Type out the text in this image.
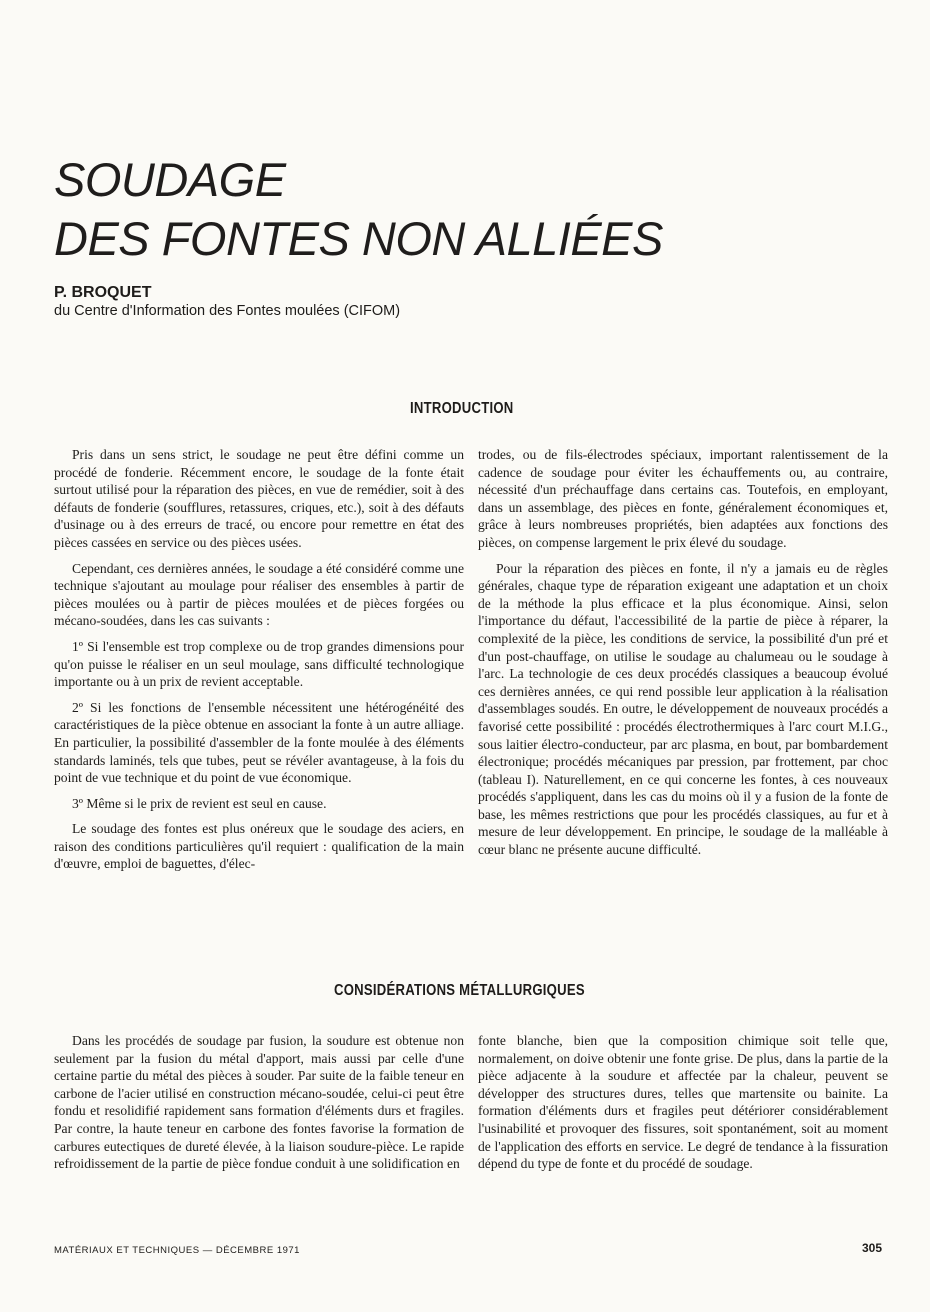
SOUDAGE
DES FONTES NON ALLIÉES
P. BROQUET
du Centre d'Information des Fontes moulées (CIFOM)
INTRODUCTION

Pris dans un sens strict, le soudage ne peut être défini comme un procédé de fonderie. Récemment encore, le soudage de la fonte était surtout utilisé pour la réparation des pièces, en vue de remédier, soit à des défauts de fonderie (soufflures, retassures, criques, etc.), soit à des défauts d'usinage ou à des erreurs de tracé, ou encore pour remettre en état des pièces cassées en service ou des pièces usées.

Cependant, ces dernières années, le soudage a été considéré comme une technique s'ajoutant au moulage pour réaliser des ensembles à partir de pièces moulées ou à partir de pièces moulées et de pièces forgées ou mécano-soudées, dans les cas suivants :

1º Si l'ensemble est trop complexe ou de trop grandes dimensions pour qu'on puisse le réaliser en un seul moulage, sans difficulté technologique importante ou à un prix de revient acceptable.

2º Si les fonctions de l'ensemble nécessitent une hétérogénéité des caractéristiques de la pièce obtenue en associant la fonte à un autre alliage. En particulier, la possibilité d'assembler de la fonte moulée à des éléments standards laminés, tels que tubes, peut se révéler avantageuse, à la fois du point de vue technique et du point de vue économique.

3º Même si le prix de revient est seul en cause.

Le soudage des fontes est plus onéreux que le soudage des aciers, en raison des conditions particulières qu'il requiert : qualification de la main d'œuvre, emploi de baguettes, d'élec-

trodes, ou de fils-électrodes spéciaux, important ralentissement de la cadence de soudage pour éviter les échauffements ou, au contraire, nécessité d'un préchauffage dans certains cas. Toutefois, en employant, dans un assemblage, des pièces en fonte, généralement économiques et, grâce à leurs nombreuses propriétés, bien adaptées aux fonctions des pièces, on compense largement le prix élevé du soudage.

Pour la réparation des pièces en fonte, il n'y a jamais eu de règles générales, chaque type de réparation exigeant une adaptation et un choix de la méthode la plus efficace et la plus économique. Ainsi, selon l'importance du défaut, l'accessibilité de la partie de pièce à réparer, la complexité de la pièce, les conditions de service, la possibilité d'un pré et d'un post-chauffage, on utilise le soudage au chalumeau ou le soudage à l'arc. La technologie de ces deux procédés classiques a beaucoup évolué ces dernières années, ce qui rend possible leur application à la réalisation d'assemblages soudés. En outre, le développement de nouveaux procédés a favorisé cette possibilité : procédés électrothermiques à l'arc court M.I.G., sous laitier électro-conducteur, par arc plasma, en bout, par bombardement électronique; procédés mécaniques par pression, par frottement, par choc (tableau I). Naturellement, en ce qui concerne les fontes, à ces nouveaux procédés s'appliquent, dans les cas du moins où il y a fusion de la fonte de base, les mêmes restrictions que pour les procédés classiques, au fur et à mesure de leur développement. En principe, le soudage de la malléable à cœur blanc ne présente aucune difficulté.

CONSIDÉRATIONS MÉTALLURGIQUES

Dans les procédés de soudage par fusion, la soudure est obtenue non seulement par la fusion du métal d'apport, mais aussi par celle d'une certaine partie du métal des pièces à souder. Par suite de la faible teneur en carbone de l'acier utilisé en construction mécano-soudée, celui-ci peut être fondu et resolidifié rapidement sans formation d'éléments durs et fragiles. Par contre, la haute teneur en carbone des fontes favorise la formation de carbures eutectiques de dureté élevée, à la liaison soudure-pièce. Le rapide refroidissement de la partie de pièce fondue conduit à une solidification en

fonte blanche, bien que la composition chimique soit telle que, normalement, on doive obtenir une fonte grise. De plus, dans la partie de la pièce adjacente à la soudure et affectée par la chaleur, peuvent se développer des structures dures, telles que martensite ou bainite. La formation d'éléments durs et fragiles peut détériorer considérablement l'usinabilité et provoquer des fissures, soit spontanément, soit au moment de l'application des efforts en service. Le degré de tendance à la fissuration dépend du type de fonte et du procédé de soudage.

MATÉRIAUX ET TECHNIQUES — DÉCEMBRE 1971	305
